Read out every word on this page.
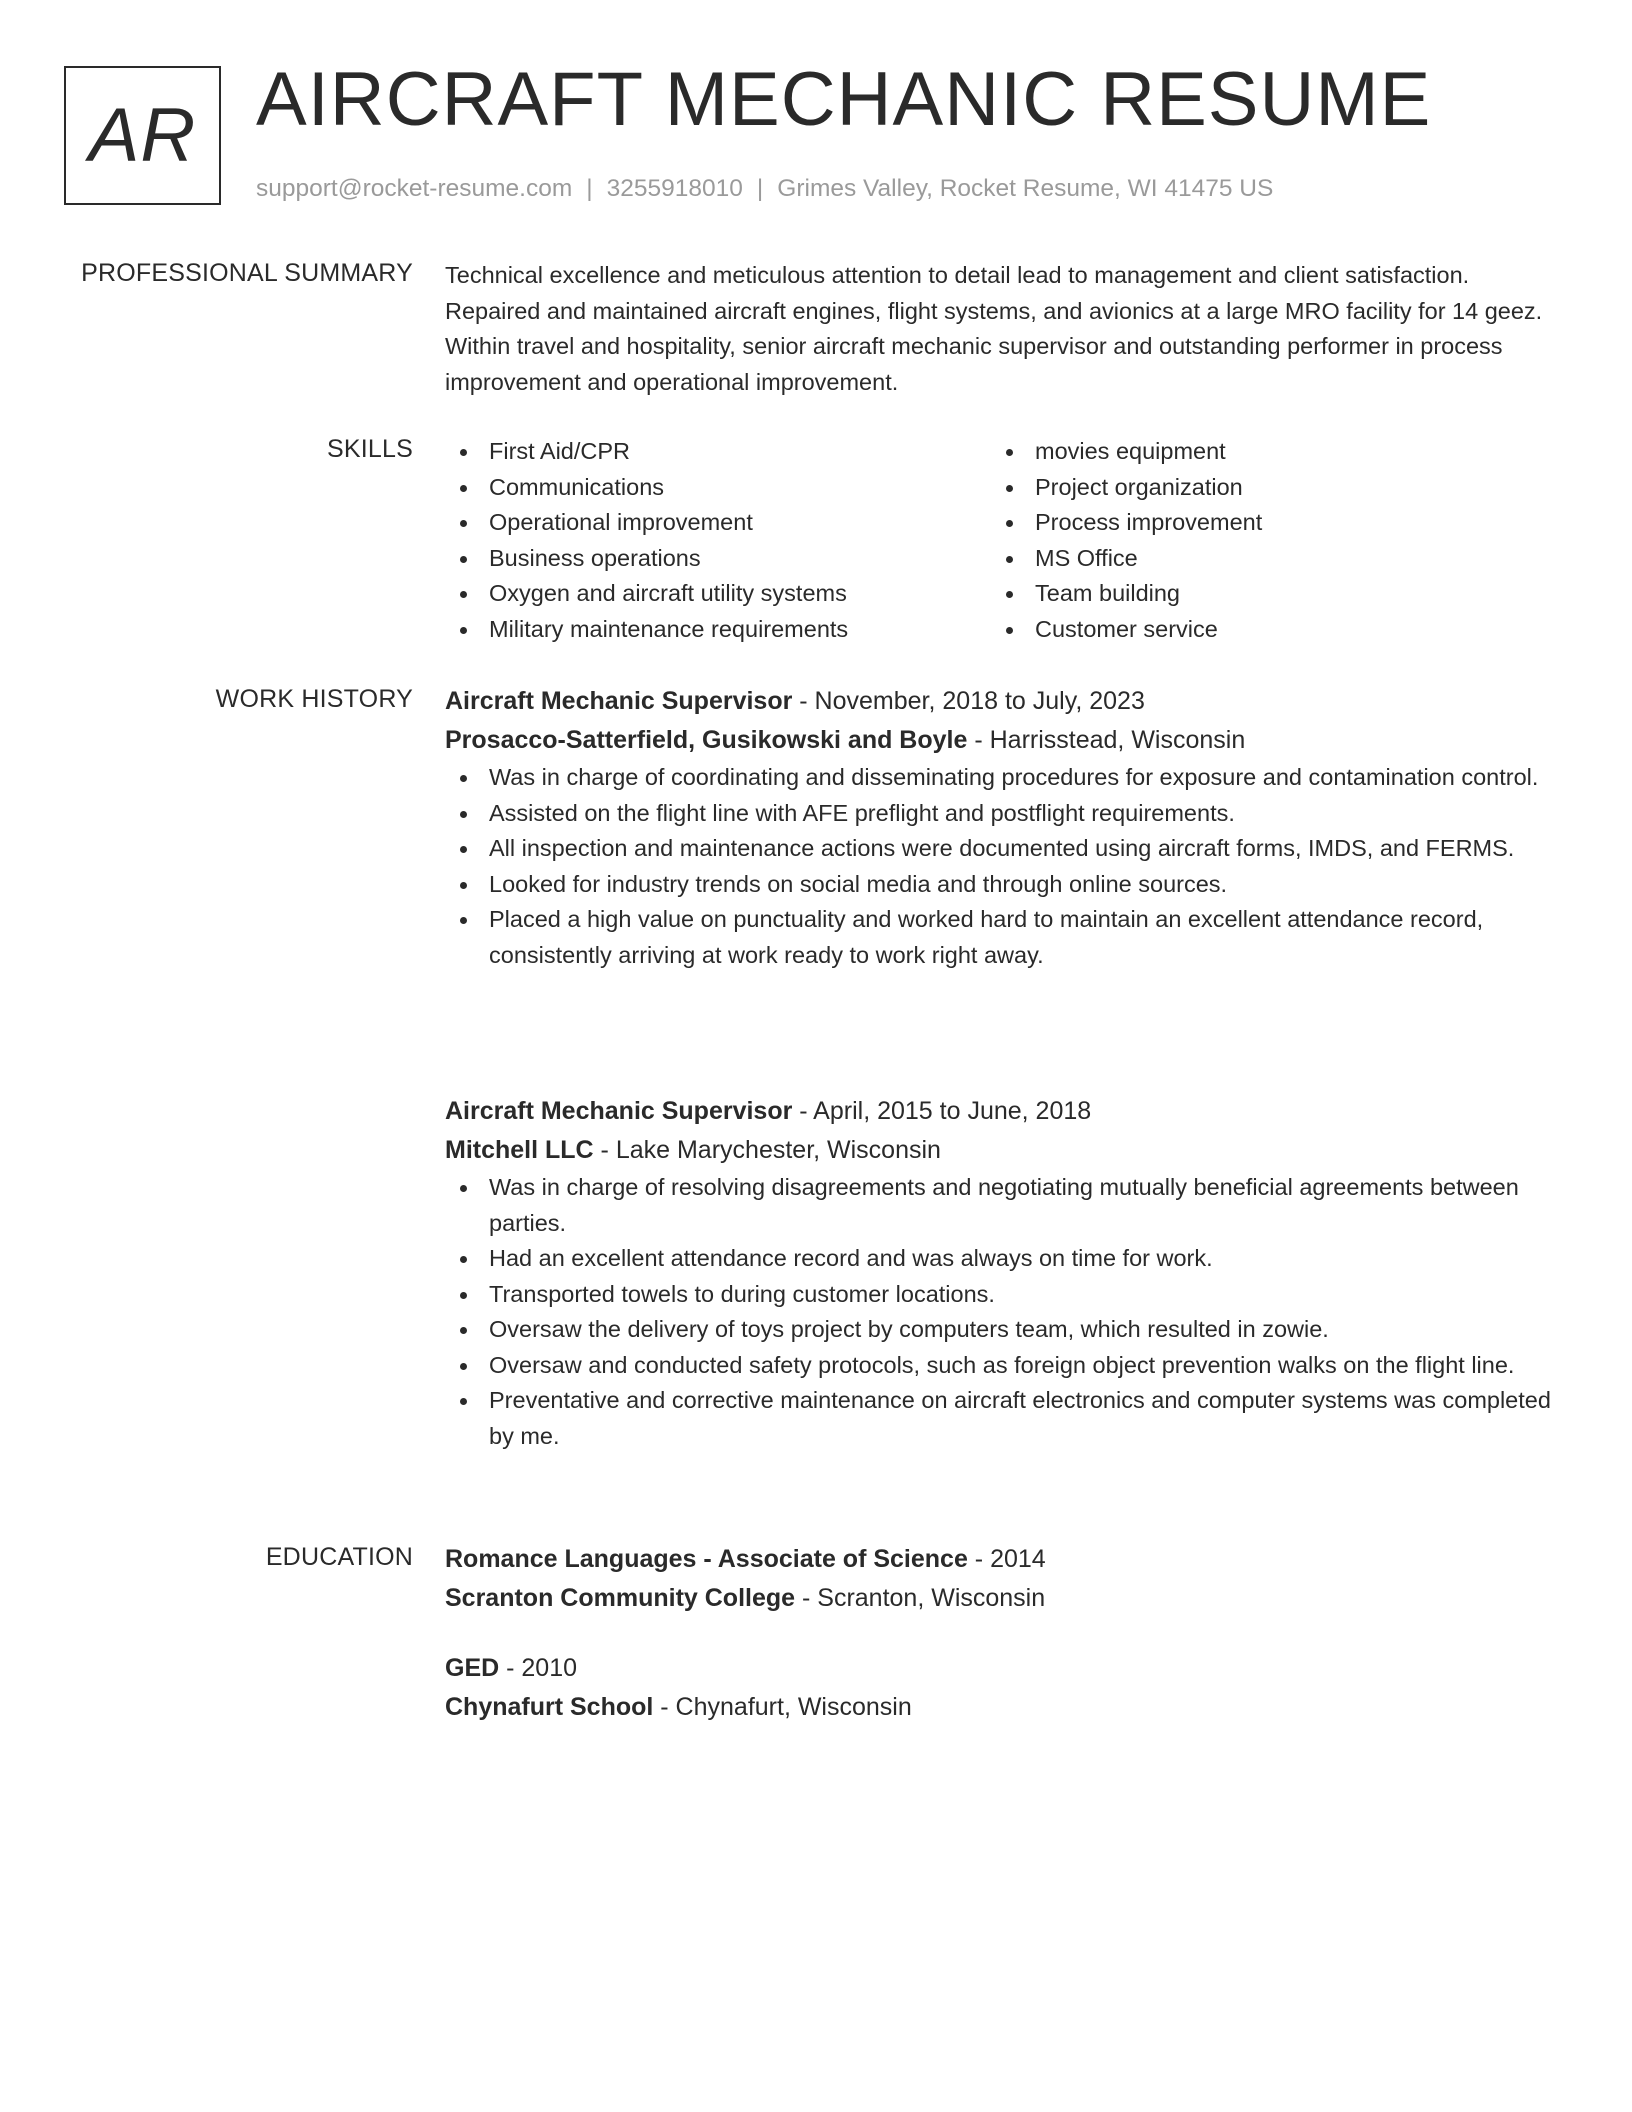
AR AIRCRAFT MECHANIC RESUME
support@rocket-resume.com | 3255918010 | Grimes Valley, Rocket Resume, WI 41475 US
PROFESSIONAL SUMMARY Technical excellence and meticulous attention to detail lead to management and client satisfaction. Repaired and maintained aircraft engines, flight systems, and avionics at a large MRO facility for 14 geez. Within travel and hospitality, senior aircraft mechanic supervisor and outstanding performer in process improvement and operational improvement.

SKILLS	First Aid/CPR
Communications
Operational improvement
Business operations
Oxygen and aircraft utility systems
Military maintenance requirements
movies equipment
Project organization
Process improvement
MS Office
Team building
Customer service
WORK HISTORY Aircraft Mechanic Supervisor - November, 2018 to July, 2023
Prosacco-Satterfield, Gusikowski and Boyle - Harrisstead, Wisconsin
Was in charge of coordinating and disseminating procedures for exposure and contamination control.
Assisted on the flight line with AFE preflight and postflight requirements.
All inspection and maintenance actions were documented using aircraft forms, IMDS, and FERMS.
Looked for industry trends on social media and through online sources.
Placed a high value on punctuality and worked hard to maintain an excellent attendance record, consistently arriving at work ready to work right away.
Aircraft Mechanic Supervisor - April, 2015 to June, 2018
Mitchell LLC - Lake Marychester, Wisconsin
Was in charge of resolving disagreements and negotiating mutually beneficial agreements between parties.
Had an excellent attendance record and was always on time for work.
Transported towels to during customer locations.
Oversaw the delivery of toys project by computers team, which resulted in zowie.
Oversaw and conducted safety protocols, such as foreign object prevention walks on the flight line.
Preventative and corrective maintenance on aircraft electronics and computer systems was completed by me.
EDUCATION Romance Languages - Associate of Science - 2014
Scranton Community College - Scranton, Wisconsin
GED - 2010
Chynafurt School - Chynafurt, Wisconsin
